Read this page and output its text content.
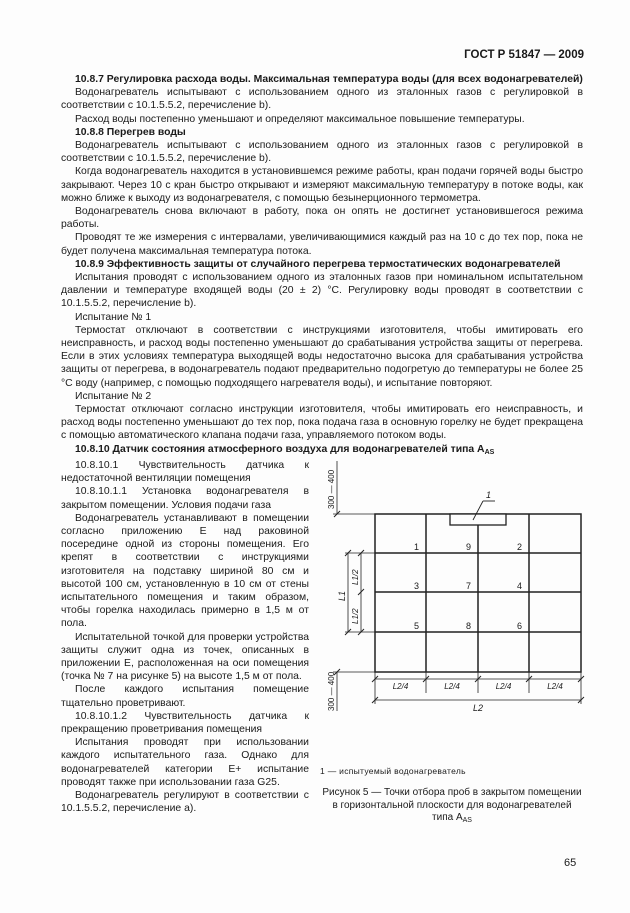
ГОСТ Р 51847 — 2009

10.8.7 Регулировка расхода воды. Максимальная температура воды (для всех водонагревателей)

Водонагреватель испытывают с использованием одного из эталонных газов с регулировкой в соответствии с 10.1.5.5.2, перечисление b).

Расход воды постепенно уменьшают и определяют максимальное повышение температуры.

10.8.8 Перегрев воды

Водонагреватель испытывают с использованием одного из эталонных газов с регулировкой в соответствии с 10.1.5.5.2, перечисление b).

Когда водонагреватель находится в установившемся режиме работы, кран подачи горячей воды быстро закрывают. Через 10 с кран быстро открывают и измеряют максимальную температуру в потоке воды, как можно ближе к выходу из водонагревателя, с помощью безынерционного термометра.

Водонагреватель снова включают в работу, пока он опять не достигнет установившегося режима работы.

Проводят те же измерения с интервалами, увеличивающимися каждый раз на 10 с до тех пор, пока не будет получена максимальная температура потока.

10.8.9 Эффективность защиты от случайного перегрева термостатических водонагревателей

Испытания проводят с использованием одного из эталонных газов при номинальном испытательном давлении и температуре входящей воды (20 ± 2) °С. Регулировку воды проводят в соответствии с 10.1.5.5.2, перечисление b).

Испытание № 1

Термостат отключают в соответствии с инструкциями изготовителя, чтобы имитировать его неисправность, и расход воды постепенно уменьшают до срабатывания устройства защиты от перегрева. Если в этих условиях температура выходящей воды недостаточно высока для срабатывания устройства защиты от перегрева, в водонагреватель подают предварительно подогретую до температуры не более 25 °С воду (например, с помощью подходящего нагревателя воды), и испытание повторяют.

Испытание № 2

Термостат отключают согласно инструкции изготовителя, чтобы имитировать его неисправность, и расход воды постепенно уменьшают до тех пор, пока подача газа в основную горелку не будет прекращена с помощью автоматического клапана подачи газа, управляемого потоком воды.

10.8.10 Датчик состояния атмосферного воздуха для водонагревателей типа $A_{AS}$

10.8.10.1 Чувствительность датчика к недостаточной вентиляции помещения

10.8.10.1.1 Установка водонагревателя в закрытом помещении. Условия подачи газа

Водонагреватель устанавливают в помещении согласно приложению Е над раковиной посередине одной из стороны помещения. Его крепят в соответствии с инструкциями изготовителя на подставку шириной 80 см и высотой 100 см, установленную в 10 см от стены испытательного помещения и таким образом, чтобы горелка находилась примерно в 1,5 м от пола.

Испытательной точкой для проверки устройства защиты служит одна из точек, описанных в приложении Е, расположенная на оси помещения (точка № 7 на рисунке 5) на высоте 1,5 м от пола.

После каждого испытания помещение тщательно проветривают.

10.8.10.1.2 Чувствительность датчика к прекращению проветривания помещения

Испытания проводят при использовании каждого испытательного газа. Однако для водонагревателей категории Е+ испытание проводят также при использовании газа G25.

Водонагреватель регулируют в соответствии с 10.1.5.5.2, перечисление а).

1
1	9	2
3	7	4
5	8	6
300 — 400
L1
L1/2
L1/2
300 — 400	L2/4	L2/4	L2/4	L2/4
L2
1 — испытуемый водонагреватель
Рисунок 5 — Точки отбора проб в закрытом помещении в горизонтальной плоскости для водонагревателей типа $A_{AS}$
65
